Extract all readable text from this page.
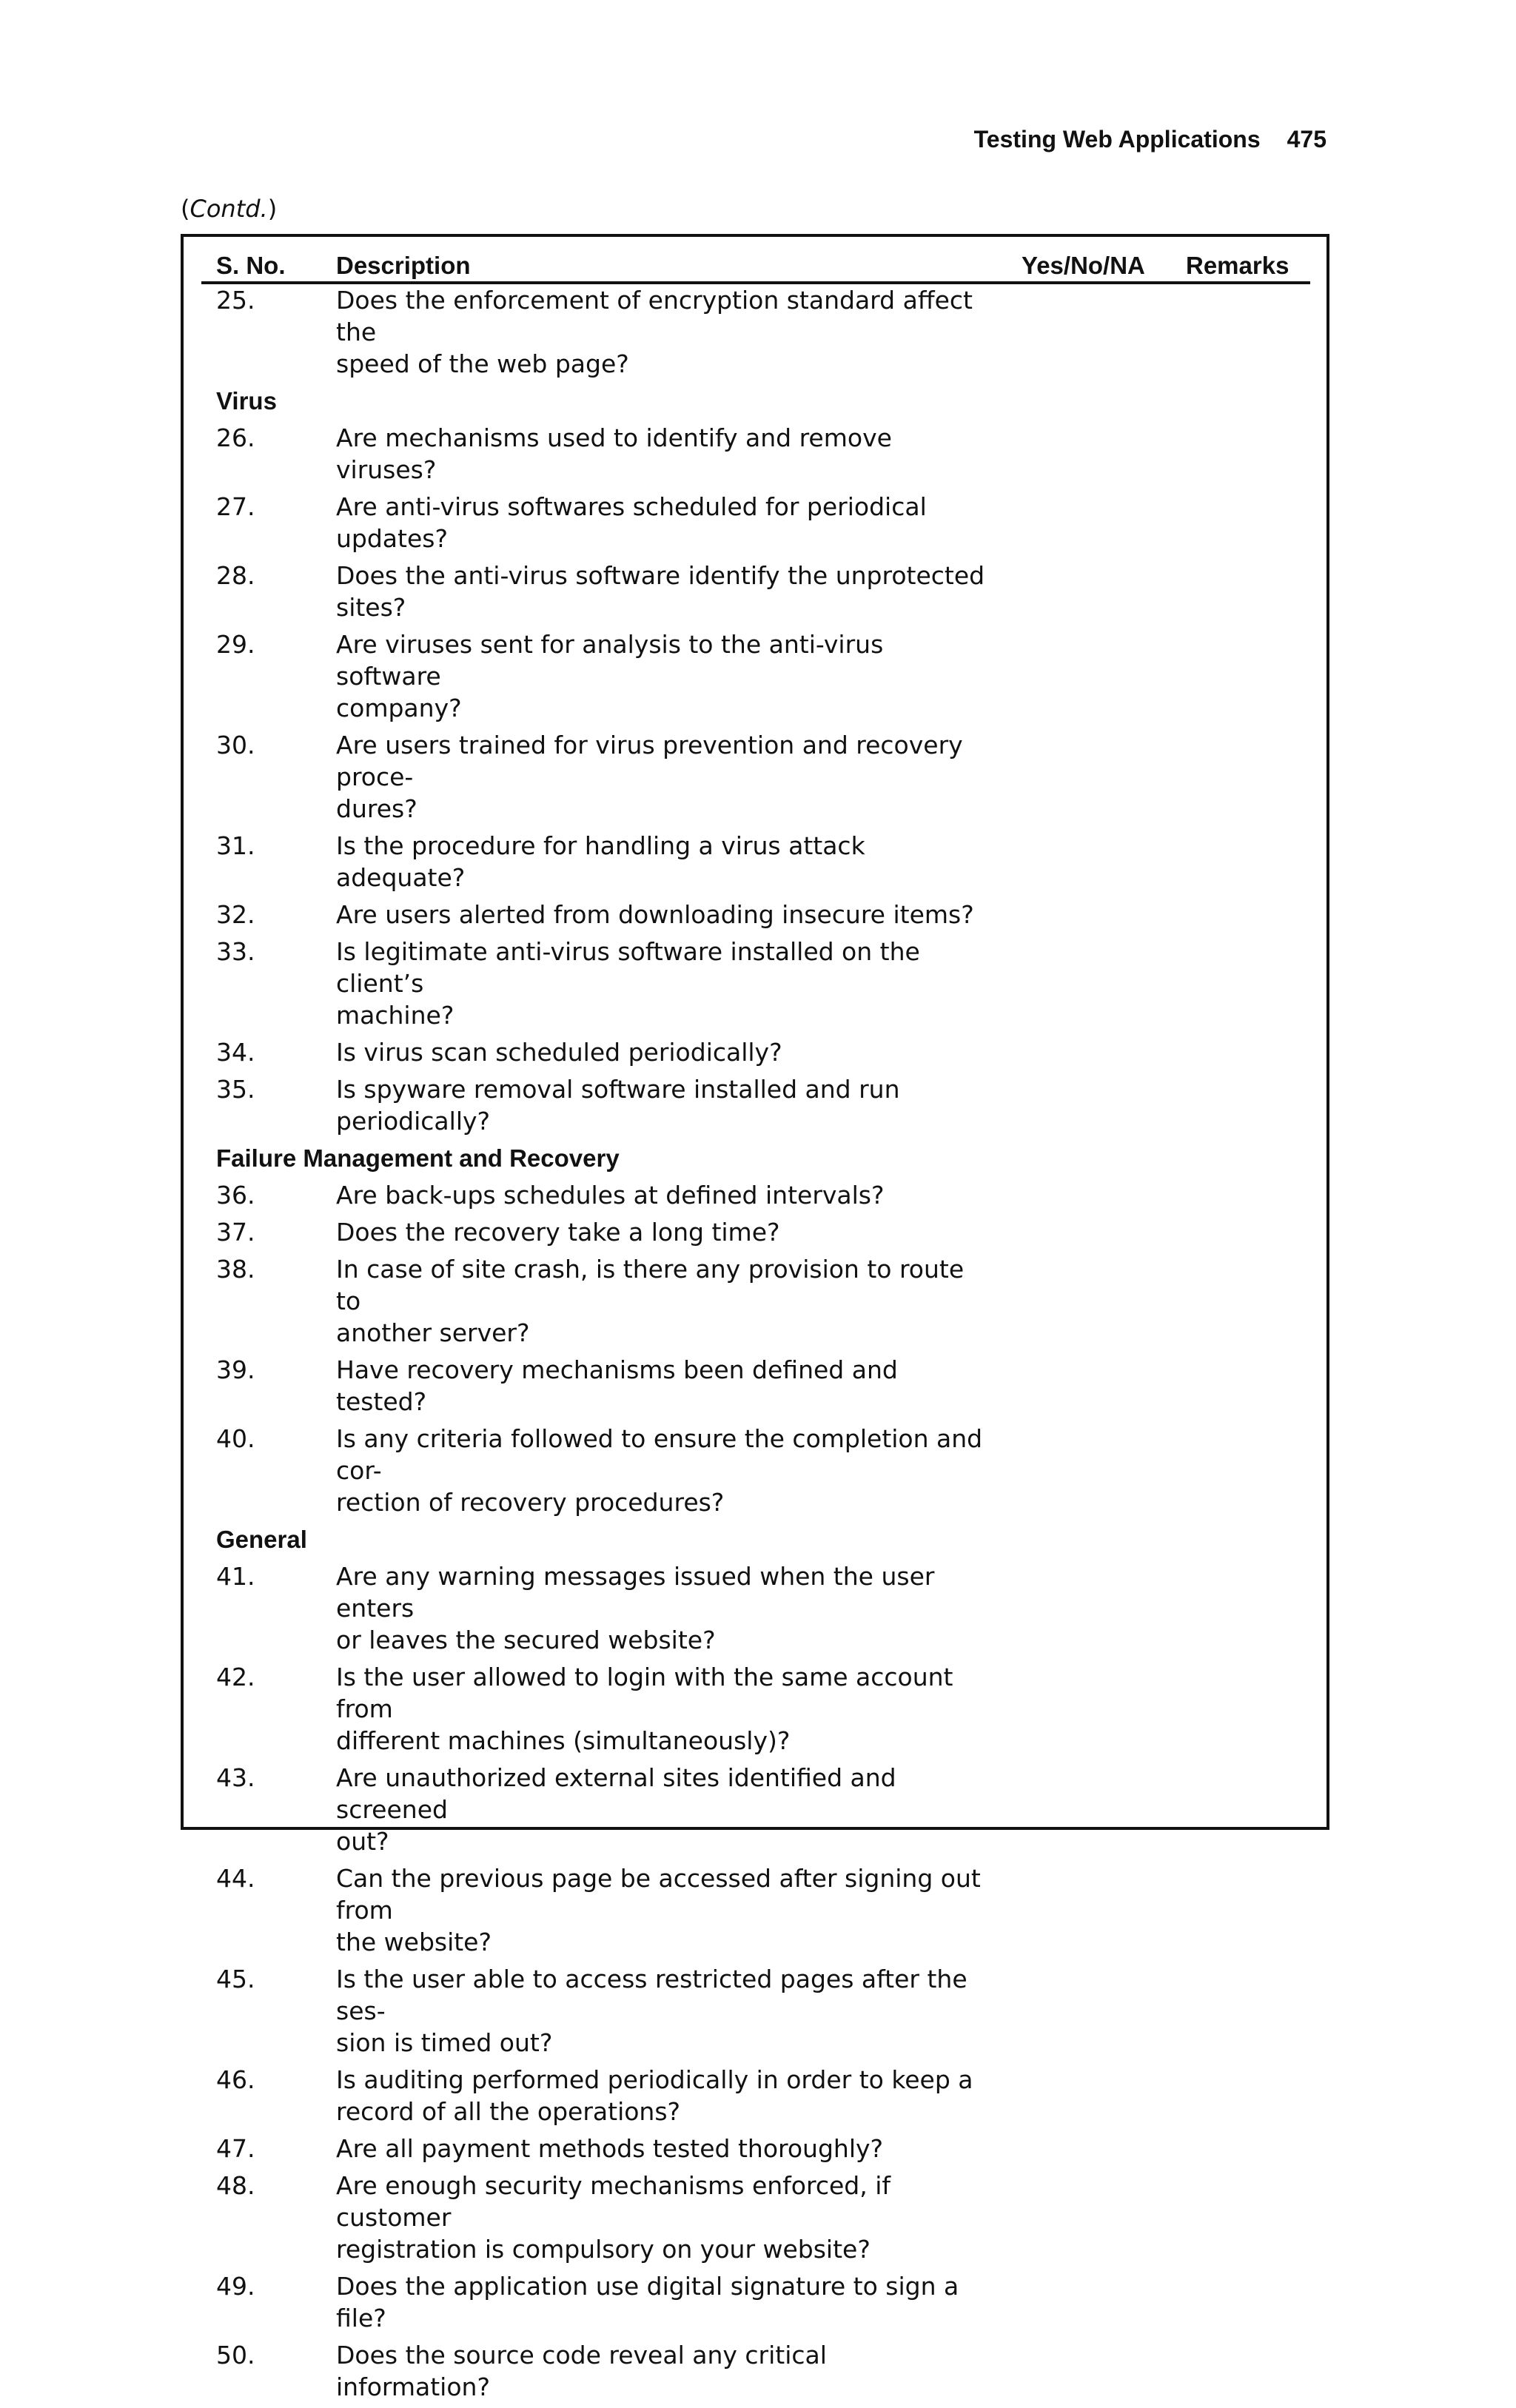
Testing Web Applications 475
(Contd.)
S. No. Description	Yes/No/NA Remarks
25.	Does the enforcement of encryption standard affect the
speed of the web page?
Virus
26.	Are mechanisms used to identify and remove viruses?
27.	Are anti-virus softwares scheduled for periodical
updates?
28.	Does the anti-virus software identify the unprotected
sites?
29.	Are viruses sent for analysis to the anti-virus software
company?
30.	Are users trained for virus prevention and recovery proce-
dures?
31.	Is the procedure for handling a virus attack adequate?
32.	Are users alerted from downloading insecure items?
33.	Is legitimate anti-virus software installed on the client’s
machine?
34.	Is virus scan scheduled periodically?
35.	Is spyware removal software installed and run periodically?
Failure Management and Recovery
36.	Are back-ups schedules at defined intervals?
37.	Does the recovery take a long time?
38.	In case of site crash, is there any provision to route to
another server?
39.	Have recovery mechanisms been defined and tested?
40.	Is any criteria followed to ensure the completion and cor-
rection of recovery procedures?
General
41.	Are any warning messages issued when the user enters
or leaves the secured website?
42.	Is the user allowed to login with the same account from
different machines (simultaneously)?
43.	Are unauthorized external sites identified and screened
out?
44.	Can the previous page be accessed after signing out from
the website?
45.	Is the user able to access restricted pages after the ses-
sion is timed out?
46.	Is auditing performed periodically in order to keep a
record of all the operations?
47.	Are all payment methods tested thoroughly?
48.	Are enough security mechanisms enforced, if customer
registration is compulsory on your website?
49.	Does the application use digital signature to sign a file?
50.	Does the source code reveal any critical information?
